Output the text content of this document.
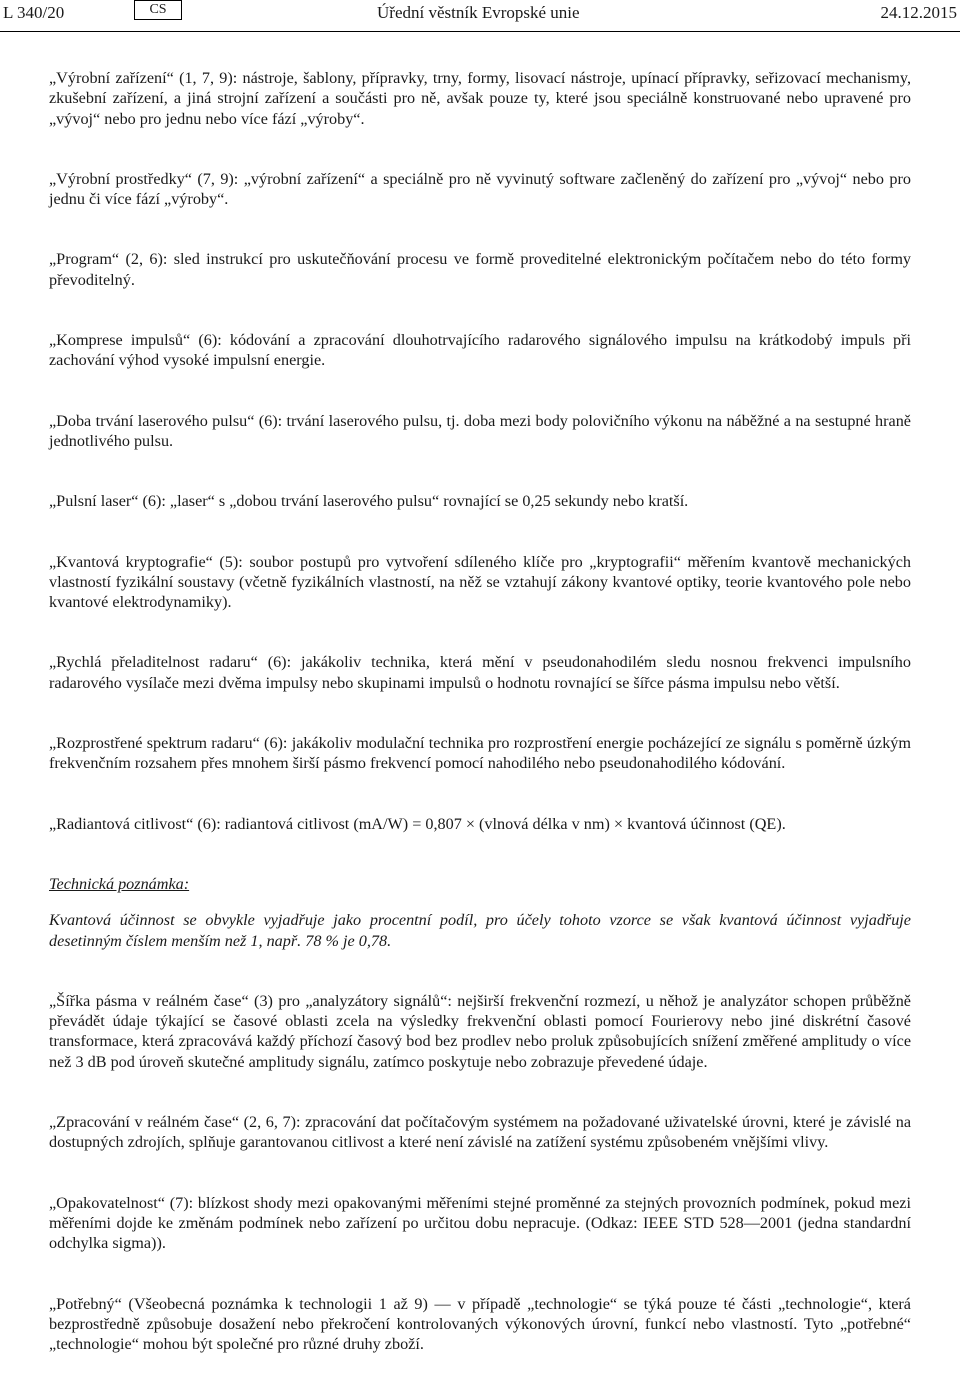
L 340/20	CS	Úřední věstník Evropské unie	24.12.2015

„Výrobní zařízení“ (1, 7, 9): nástroje, šablony, přípravky, trny, formy, lisovací nástroje, upínací přípravky, seřizovací mechanismy, zkušební zařízení, a jiná strojní zařízení a součásti pro ně, avšak pouze ty, které jsou speciálně konstruované nebo upravené pro „vývoj“ nebo pro jednu nebo více fází „výroby“.

„Výrobní prostředky“ (7, 9): „výrobní zařízení“ a speciálně pro ně vyvinutý software začleněný do zařízení pro „vývoj“ nebo pro jednu či více fází „výroby“.

„Program“ (2, 6): sled instrukcí pro uskutečňování procesu ve formě proveditelné elektronickým počítačem nebo do této formy převoditelný.

„Komprese impulsů“ (6): kódování a zpracování dlouhotrvajícího radarového signálového impulsu na krátkodobý impuls při zachování výhod vysoké impulsní energie.

„Doba trvání laserového pulsu“ (6): trvání laserového pulsu, tj. doba mezi body polovičního výkonu na náběžné a na sestupné hraně jednotlivého pulsu.

„Pulsní laser“ (6): „laser“ s „dobou trvání laserového pulsu“ rovnající se 0,25 sekundy nebo kratší.

„Kvantová kryptografie“ (5): soubor postupů pro vytvoření sdíleného klíče pro „kryptografii“ měřením kvantově mechanických vlastností fyzikální soustavy (včetně fyzikálních vlastností, na něž se vztahují zákony kvantové optiky, teorie kvantového pole nebo kvantové elektrodynamiky).

„Rychlá přeladitelnost radaru“ (6): jakákoliv technika, která mění v pseudonahodilém sledu nosnou frekvenci impulsního radarového vysílače mezi dvěma impulsy nebo skupinami impulsů o hodnotu rovnající se šířce pásma impulsu nebo větší.

„Rozprostřené spektrum radaru“ (6): jakákoliv modulační technika pro rozprostření energie pocházející ze signálu s poměrně úzkým frekvenčním rozsahem přes mnohem širší pásmo frekvencí pomocí nahodilého nebo pseudonahodilého kódování.

„Radiantová citlivost“ (6): radiantová citlivost (mA/W) = 0,807 × (vlnová délka v nm) × kvantová účinnost (QE).

Technická poznámka:

Kvantová účinnost se obvykle vyjadřuje jako procentní podíl, pro účely tohoto vzorce se však kvantová účinnost vyjadřuje desetinným číslem menším než 1, např. 78 % je 0,78.

„Šířka pásma v reálném čase“ (3) pro „analyzátory signálů“: nejširší frekvenční rozmezí, u něhož je analyzátor schopen průběžně převádět údaje týkající se časové oblasti zcela na výsledky frekvenční oblasti pomocí Fourierovy nebo jiné diskrétní časové transformace, která zpracovává každý příchozí časový bod bez prodlev nebo proluk způsobujících snížení změřené amplitudy o více než 3 dB pod úroveň skutečné amplitudy signálu, zatímco poskytuje nebo zobrazuje převedené údaje.

„Zpracování v reálném čase“ (2, 6, 7): zpracování dat počítačovým systémem na požadované uživatelské úrovni, které je závislé na dostupných zdrojích, splňuje garantovanou citlivost a které není závislé na zatížení systému způsobeném vnějšími vlivy.

„Opakovatelnost“ (7): blízkost shody mezi opakovanými měřeními stejné proměnné za stejných provozních podmínek, pokud mezi měřeními dojde ke změnám podmínek nebo zařízení po určitou dobu nepracuje. (Odkaz: IEEE STD 528—2001 (jedna standardní odchylka sigma)).

„Potřebný“ (Všeobecná poznámka k technologii 1 až 9) — v případě „technologie“ se týká pouze té části „technologie“, která bezprostředně způsobuje dosažení nebo překročení kontrolovaných výkonových úrovní, funkcí nebo vlastností. Tyto „potřebné“ „technologie“ mohou být společné pro různé druhy zboží.
